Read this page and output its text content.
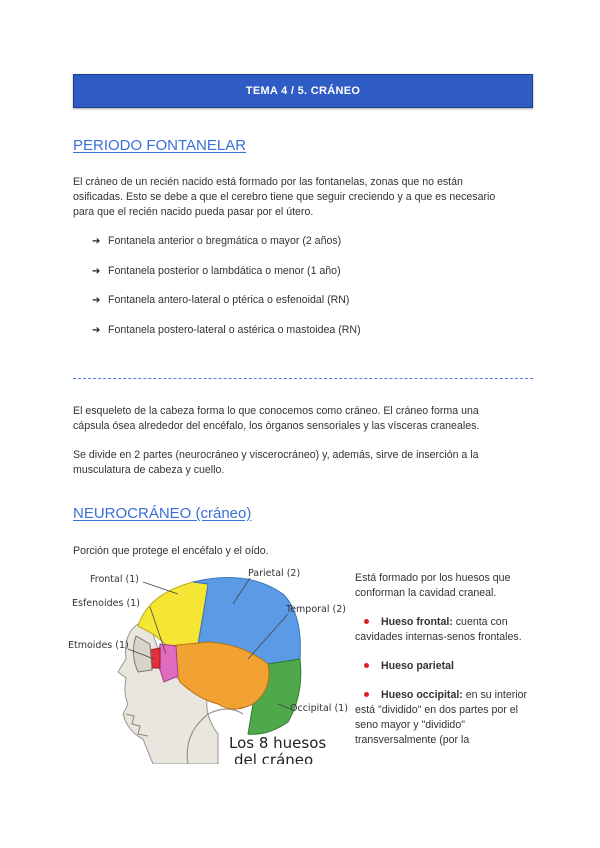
TEMA 4 / 5. CRÁNEO
PERIODO FONTANELAR
El cráneo de un recién nacido está formado por las fontanelas, zonas que no están
osificadas. Esto se debe a que el cerebro tiene que seguir creciendo y a que es necesario
para que el recién nacido pueda pasar por el útero.
➔ Fontanela anterior o bregmática o mayor (2 años)
➔ Fontanela posterior o lambdática o menor (1 año)
➔ Fontanela antero-lateral o ptérica o esfenoidal (RN)
➔ Fontanela postero-lateral o astérica o mastoidea (RN)
El esqueleto de la cabeza forma lo que conocemos como cráneo. El cráneo forma una
cápsula ósea alrededor del encéfalo, los órganos sensoriales y las vísceras craneales.
Se divide en 2 partes (neurocráneo y viscerocráneo) y, además, sirve de inserción a la
musculatura de cabeza y cuello.
NEUROCRÁNEO (cráneo)
Porción que protege el encéfalo y el oído.
Frontal (1)
Esfenoides (1)
Etmoides (1)
Parietal (2)
Temporal (2)
Occipital (1)
Los 8 huesos
del cráneo

Está formado por los huesos que conforman la cavidad craneal.

Hueso frontal: cuenta con cavidades internas-senos frontales.
Hueso parietal
Hueso occipital: en su interior está "dividido" en dos partes por el seno mayor y "dividido" transversalmente (por la
